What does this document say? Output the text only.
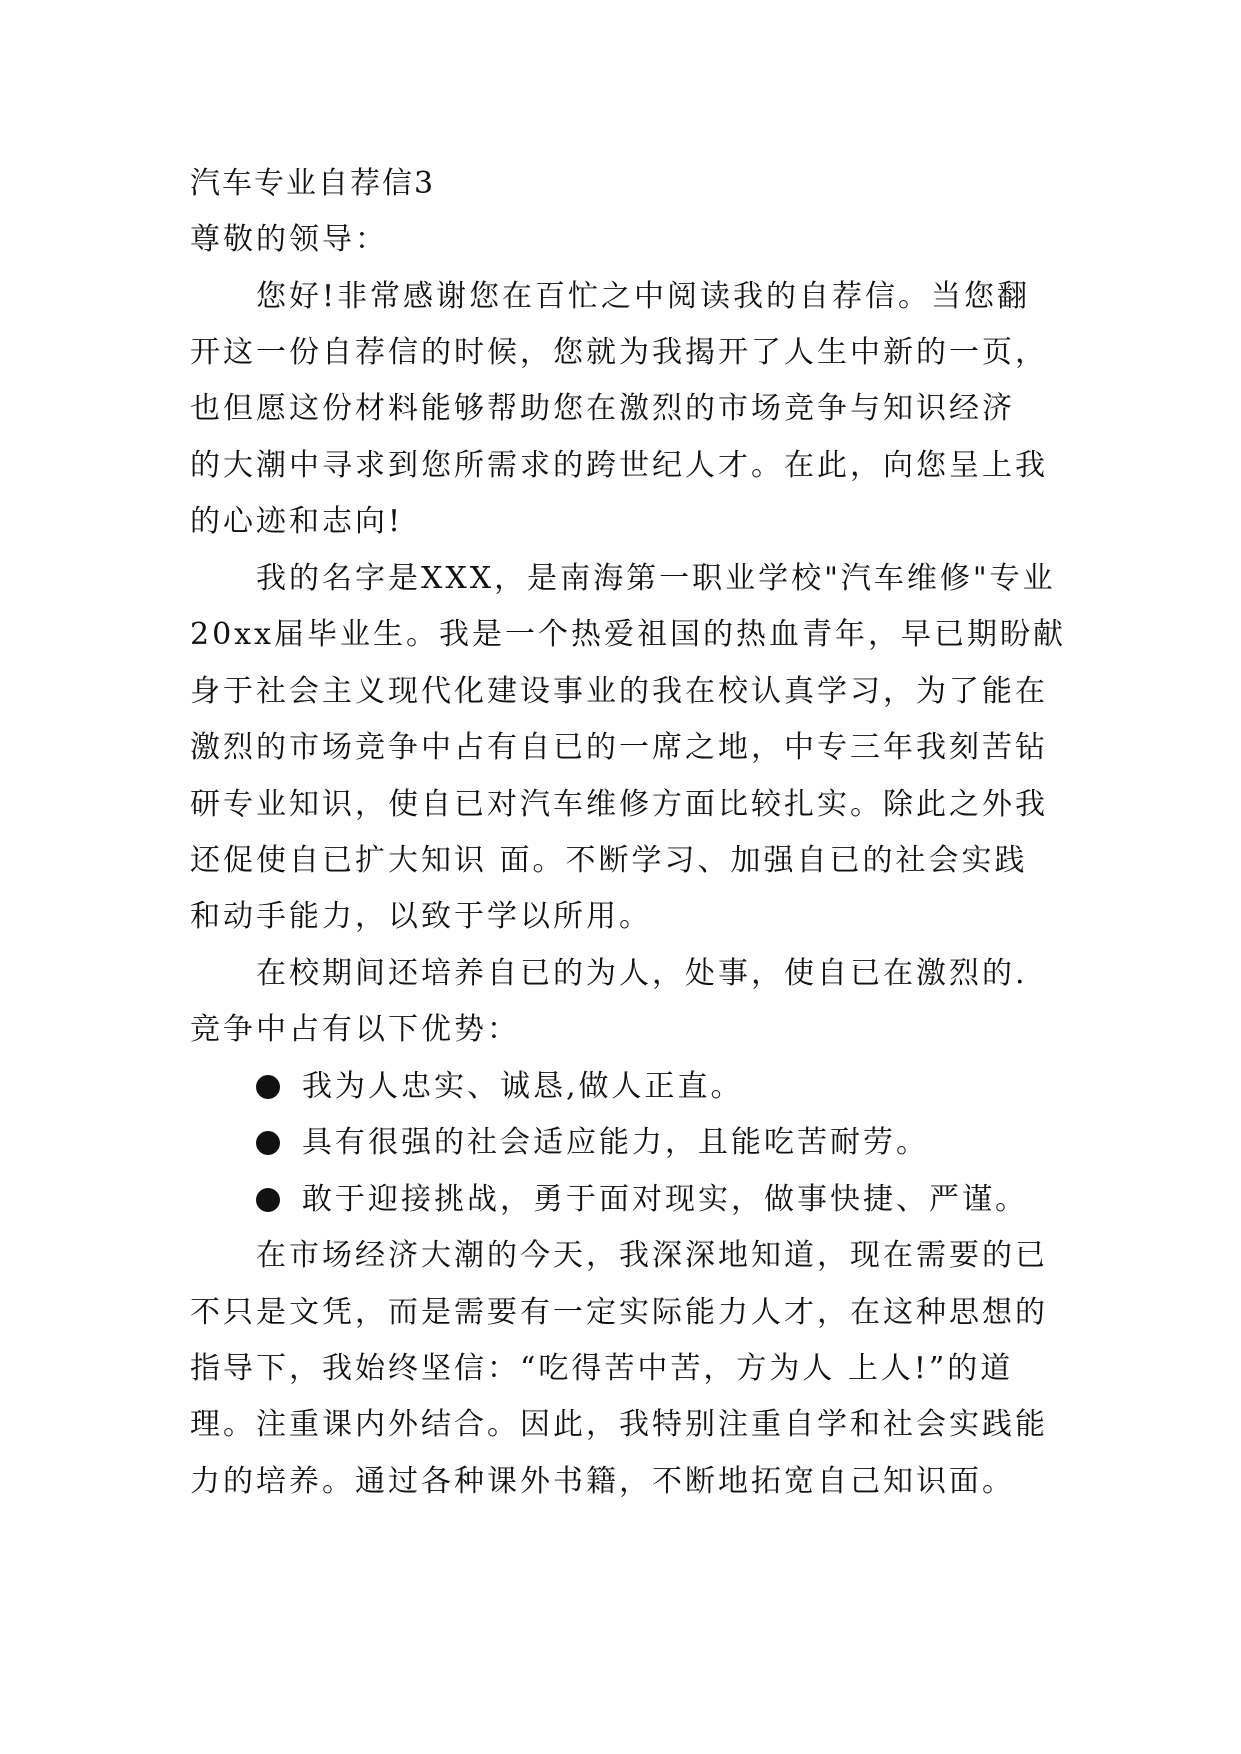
汽车专业自荐信3
尊敬的领导：
您好!非常感谢您在百忙之中阅读我的自荐信。当您翻
开这一份自荐信的时候，您就为我揭开了人生中新的一页，
也但愿这份材料能够帮助您在激烈的市场竞争与知识经济
的大潮中寻求到您所需求的跨世纪人才。在此，向您呈上我
的心迹和志向!
我的名字是XXX，是南海第一职业学校"汽车维修"专业
20xx届毕业生。我是一个热爱祖国的热血青年，早已期盼献
身于社会主义现代化建设事业的我在校认真学习，为了能在
激烈的市场竞争中占有自已的一席之地，中专三年我刻苦钻
研专业知识，使自已对汽车维修方面比较扎实。除此之外我
还促使自已扩大知识 面。不断学习、加强自已的社会实践
和动手能力，以致于学以所用。
在校期间还培养自已的为人，处事，使自已在激烈的.
竞争中占有以下优势：
我为人忠实、诚恳,做人正直。
具有很强的社会适应能力，且能吃苦耐劳。
敢于迎接挑战，勇于面对现实，做事快捷、严谨。
在市场经济大潮的今天，我深深地知道，现在需要的已
不只是文凭，而是需要有一定实际能力人才，在这种思想的
指导下，我始终坚信：“吃得苦中苦，方为人 上人!”的道
理。注重课内外结合。因此，我特别注重自学和社会实践能
力的培养。通过各种课外书籍，不断地拓宽自己知识面。
